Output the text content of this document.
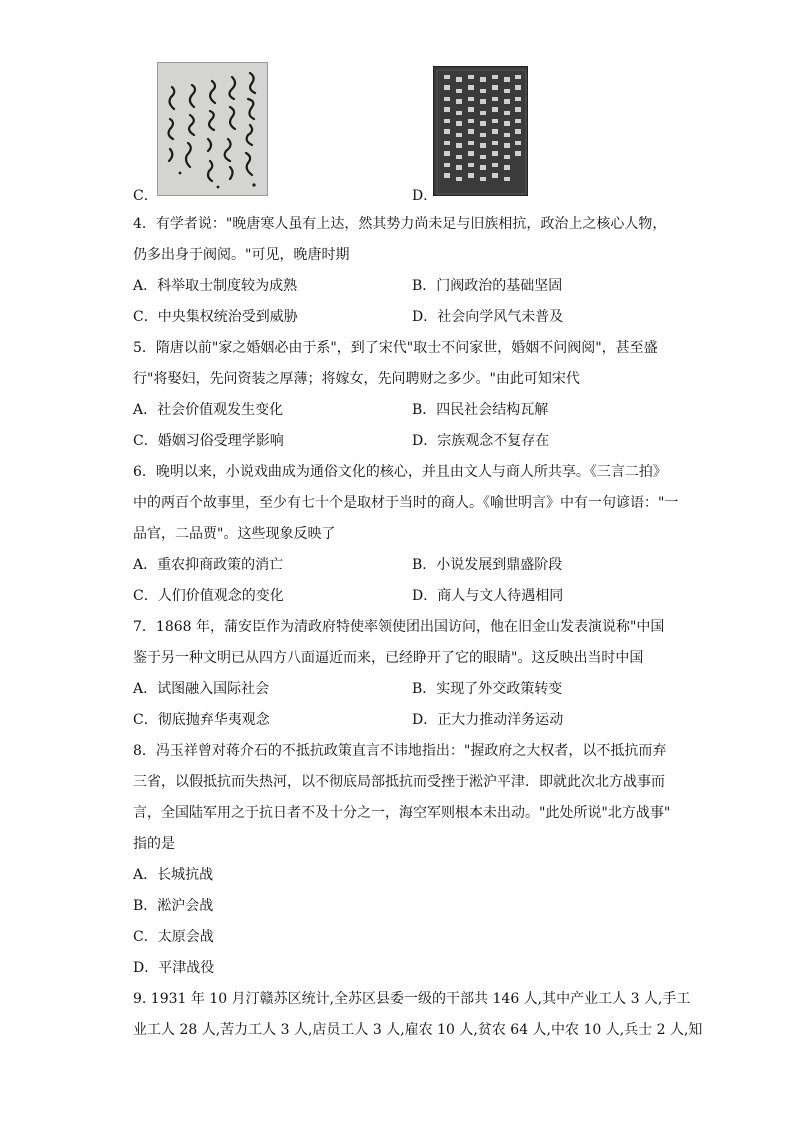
C．	D．
4．有学者说："晚唐寒人虽有上达，然其势力尚未足与旧族相抗，政治上之核心人物，
仍多出身于阀阅。"可见，晚唐时期
A．科举取士制度较为成熟	B．门阀政治的基础坚固
C．中央集权统治受到威胁	D．社会向学风气未普及
5．隋唐以前"家之婚姻必由于系"，到了宋代"取士不问家世，婚姻不问阀阅"，甚至盛
行"将娶妇，先问资装之厚薄；将嫁女，先问聘财之多少。"由此可知宋代
A．社会价值观发生变化	B．四民社会结构瓦解
C．婚姻习俗受理学影响	D．宗族观念不复存在
6．晚明以来，小说戏曲成为通俗文化的核心，并且由文人与商人所共享。《三言二拍》
中的两百个故事里，至少有七十个是取材于当时的商人。《喻世明言》中有一句谚语："一
品官，二品贾"。这些现象反映了
A．重农抑商政策的消亡	B．小说发展到鼎盛阶段
C．人们价值观念的变化	D．商人与文人待遇相同
7．1868 年，蒲安臣作为清政府特使率领使团出国访问，他在旧金山发表演说称"中国
鉴于另一种文明已从四方八面逼近而来，已经睁开了它的眼睛"。这反映出当时中国
A．试图融入国际社会	B．实现了外交政策转变
C．彻底抛弃华夷观念	D．正大力推动洋务运动
8．冯玉祥曾对蒋介石的不抵抗政策直言不讳地指出："握政府之大权者，以不抵抗而弃
三省，以假抵抗而失热河，以不彻底局部抵抗而受挫于淞沪平津．即就此次北方战事而
言，全国陆军用之于抗日者不及十分之一，海空军则根本未出动。"此处所说"北方战事"
指的是
A．长城抗战
B．淞沪会战
C．太原会战
D．平津战役
9. 1931 年 10 月汀赣苏区统计,全苏区县委一级的干部共 146 人,其中产业工人 3 人,手工
业工人 28 人,苦力工人 3 人,店员工人 3 人,雇农 10 人,贫农 64 人,中农 10 人,兵士 2 人,知
